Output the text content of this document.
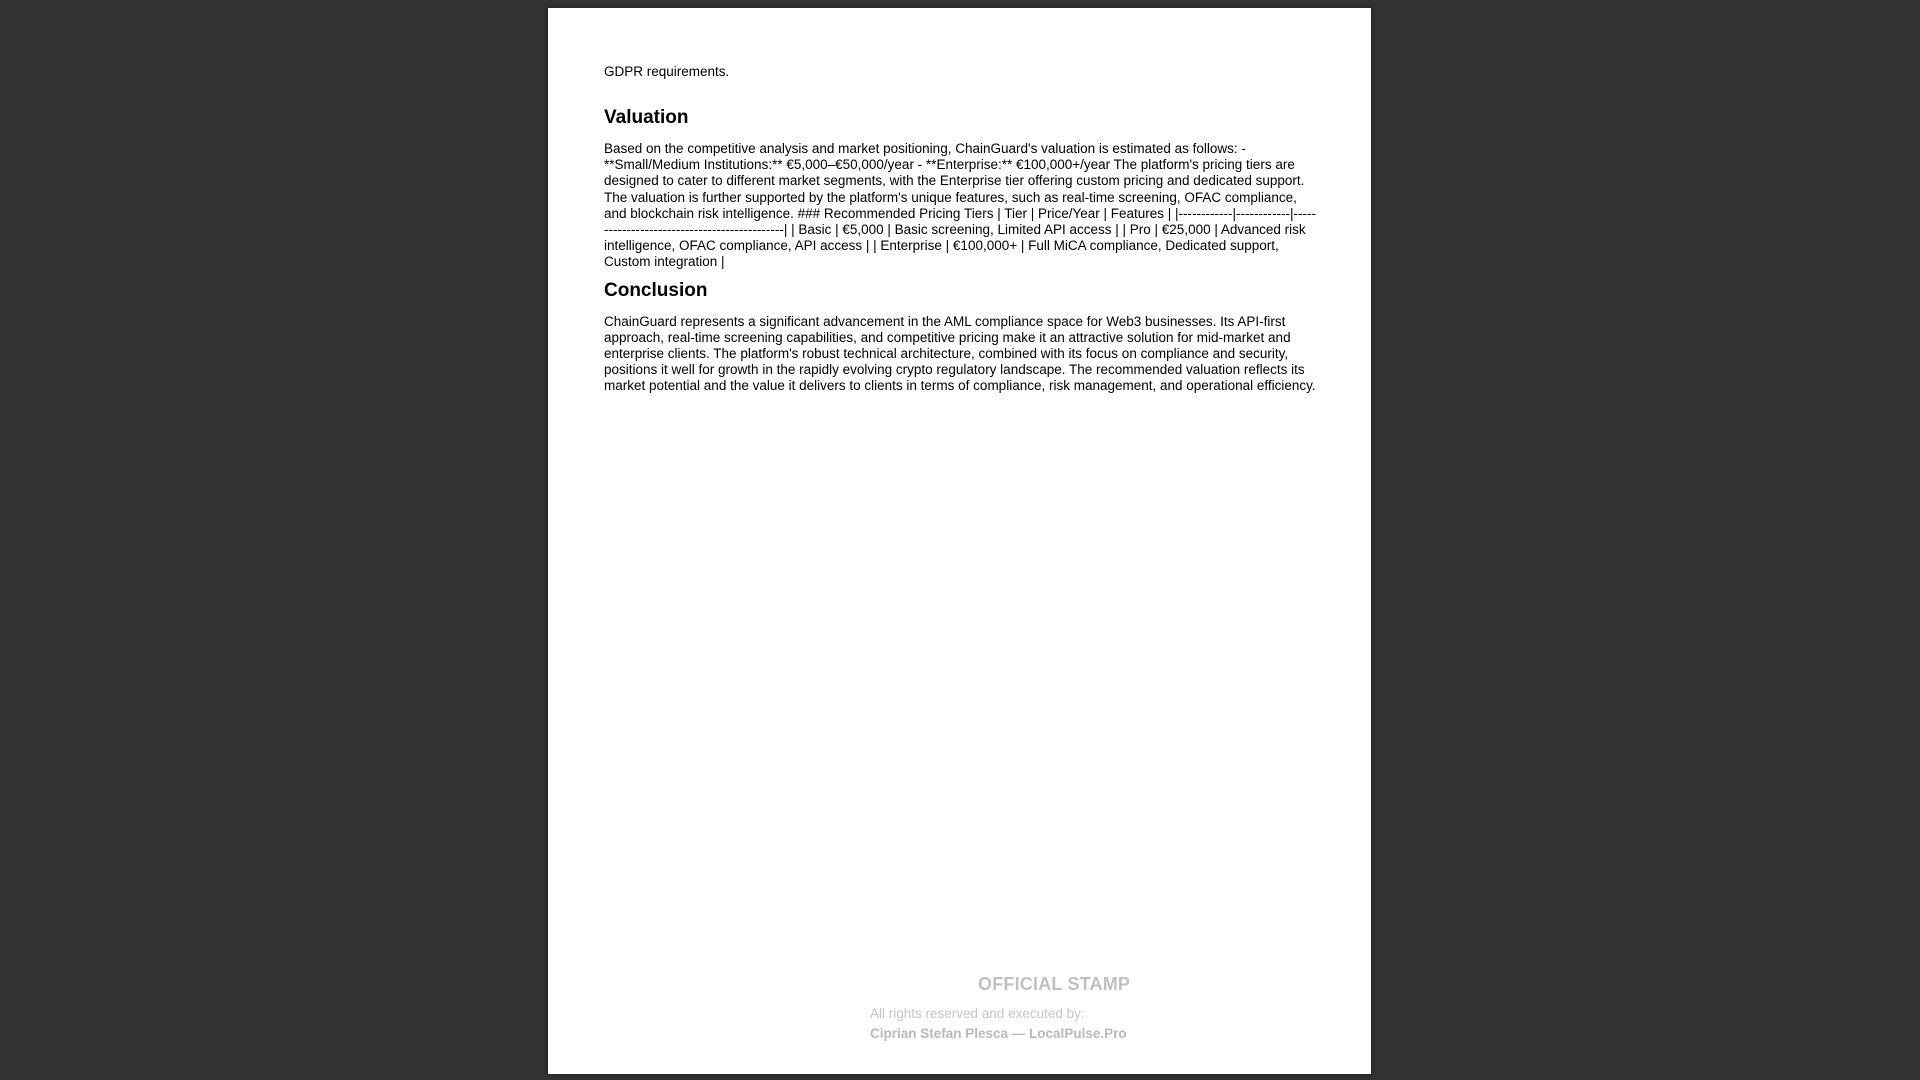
GDPR requirements.

Valuation

Based on the competitive analysis and market positioning, ChainGuard's valuation is estimated as follows: - **Small/Medium Institutions:** €5,000–€50,000/year - **Enterprise:** €100,000+/year The platform's pricing tiers are designed to cater to different market segments, with the Enterprise tier offering custom pricing and dedicated support. The valuation is further supported by the platform's unique features, such as real-time screening, OFAC compliance, and blockchain risk intelligence. ### Recommended Pricing Tiers | Tier | Price/Year | Features | |------------|------------|---------------------------------------------| | Basic | €5,000 | Basic screening, Limited API access | | Pro | €25,000 | Advanced risk intelligence, OFAC compliance, API access | | Enterprise | €100,000+ | Full MiCA compliance, Dedicated support, Custom integration |

Conclusion

ChainGuard represents a significant advancement in the AML compliance space for Web3 businesses. Its API-first approach, real-time screening capabilities, and competitive pricing make it an attractive solution for mid-market and enterprise clients. The platform's robust technical architecture, combined with its focus on compliance and security, positions it well for growth in the rapidly evolving crypto regulatory landscape. The recommended valuation reflects its market potential and the value it delivers to clients in terms of compliance, risk management, and operational efficiency.

OFFICIAL STAMP
All rights reserved and executed by:
Ciprian Stefan Plesca — LocalPulse.Pro
